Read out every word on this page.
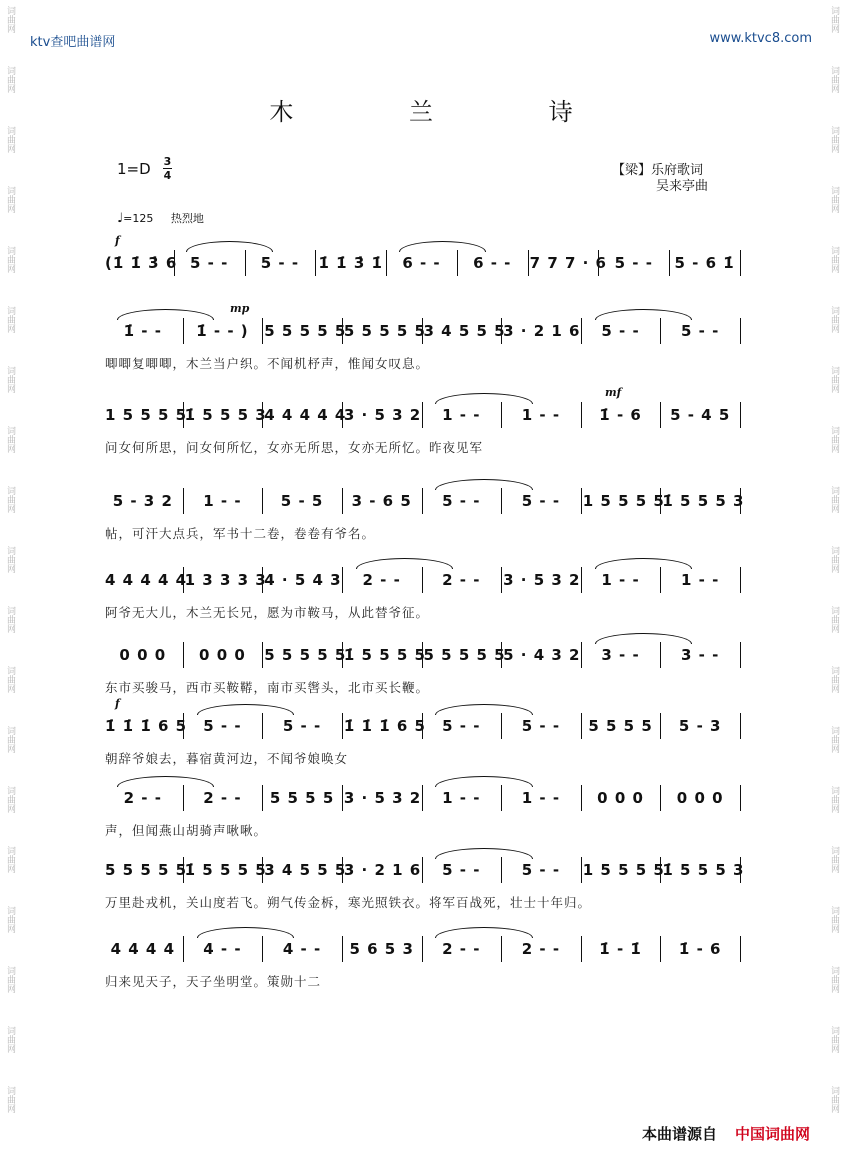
词曲网
词曲网
词曲网
词曲网
词曲网
词曲网
词曲网
词曲网
词曲网
词曲网
词曲网
词曲网
词曲网
词曲网
词曲网
词曲网
词曲网
词曲网
词曲网
词曲网
词曲网
词曲网
词曲网
词曲网
词曲网
词曲网
词曲网
词曲网
词曲网
词曲网
词曲网
词曲网
词曲网
词曲网
词曲网
词曲网
词曲网
词曲网
ktv查吧曲谱网	www.ktvc8.com
木 兰 诗
1=D 3
4	【梁】乐府歌词
吴来亭曲
♩=125 热烈地
f
(1̇ 1̇ 3̇ 6 5 - -	5 - -	1̇ 1̇ 3̇ 1̇	6 - -	6 - -	7 7 7 · 6 5 - -	5 - 6 1̇
mp
1̇ - -	1̇ - - )	5 5 5 5 5
5 5 5 5 5
3 4 5 5 5
3 · 2 1 6	5 - -	5 - -
唧唧复唧唧，木兰当户织。不闻机杼声，惟闻女叹息。
mf
1 5 5 5 5
1̇ 5 5 5 3
4 4 4 4 4
3 · 5 3 2	1 - -	1 - -	1̇ - 6	5 - 4 5
问女何所思，问女何所忆，女亦无所思，女亦无所忆。昨夜见军
5 - 3 2	1 - -	5 - 5	3 - 6 5	5 - -	5 - -	1 5 5 5 5
1̇ 5 5 5 3
帖，可汗大点兵，军书十二卷，卷卷有爷名。
4 4 4 4 4
1 3 3 3 3
4 · 5 4 3	2 - -	2 - -	3 · 5 3 2	1 - -	1 - -
阿爷无大儿，木兰无长兄，愿为市鞍马，从此替爷征。
0 0 0	0 0 0	5 5 5 5 5
1̇ 5 5 5 5
5 5 5 5 5
5 · 4 3 2	3 - -	3 - -
东市买骏马，西市买鞍鞯，南市买辔头，北市买长鞭。
f
1̇ 1̇ 1̇ 6 5	5 - -	5 - -	1̇ 1̇ 1̇ 6 5	5 - -	5 - -	5 5 5 5	5 - 3
朝辞爷娘去，暮宿黄河边，不闻爷娘唤女
2 - -	2 - -	5 5 5 5 3 · 5 3 2	1 - -	1 - -	0 0 0	0 0 0
声，但闻燕山胡骑声啾啾。
5 5 5 5 5
1̇ 5 5 5 5
3 4 5 5 5
3 · 2 1 6	5 - -	5 - -	1 5 5 5 5
1̇ 5 5 5 3
万里赴戎机，关山度若飞。朔气传金柝，寒光照铁衣。将军百战死，壮士十年归。
4 4 4 4	4 - -	4 - -	5 6 5 3	2 - -	2 - -	1̇ - 1̇	1̇ - 6
归来见天子，天子坐明堂。策勋十二
本曲谱源自 中国词曲网
